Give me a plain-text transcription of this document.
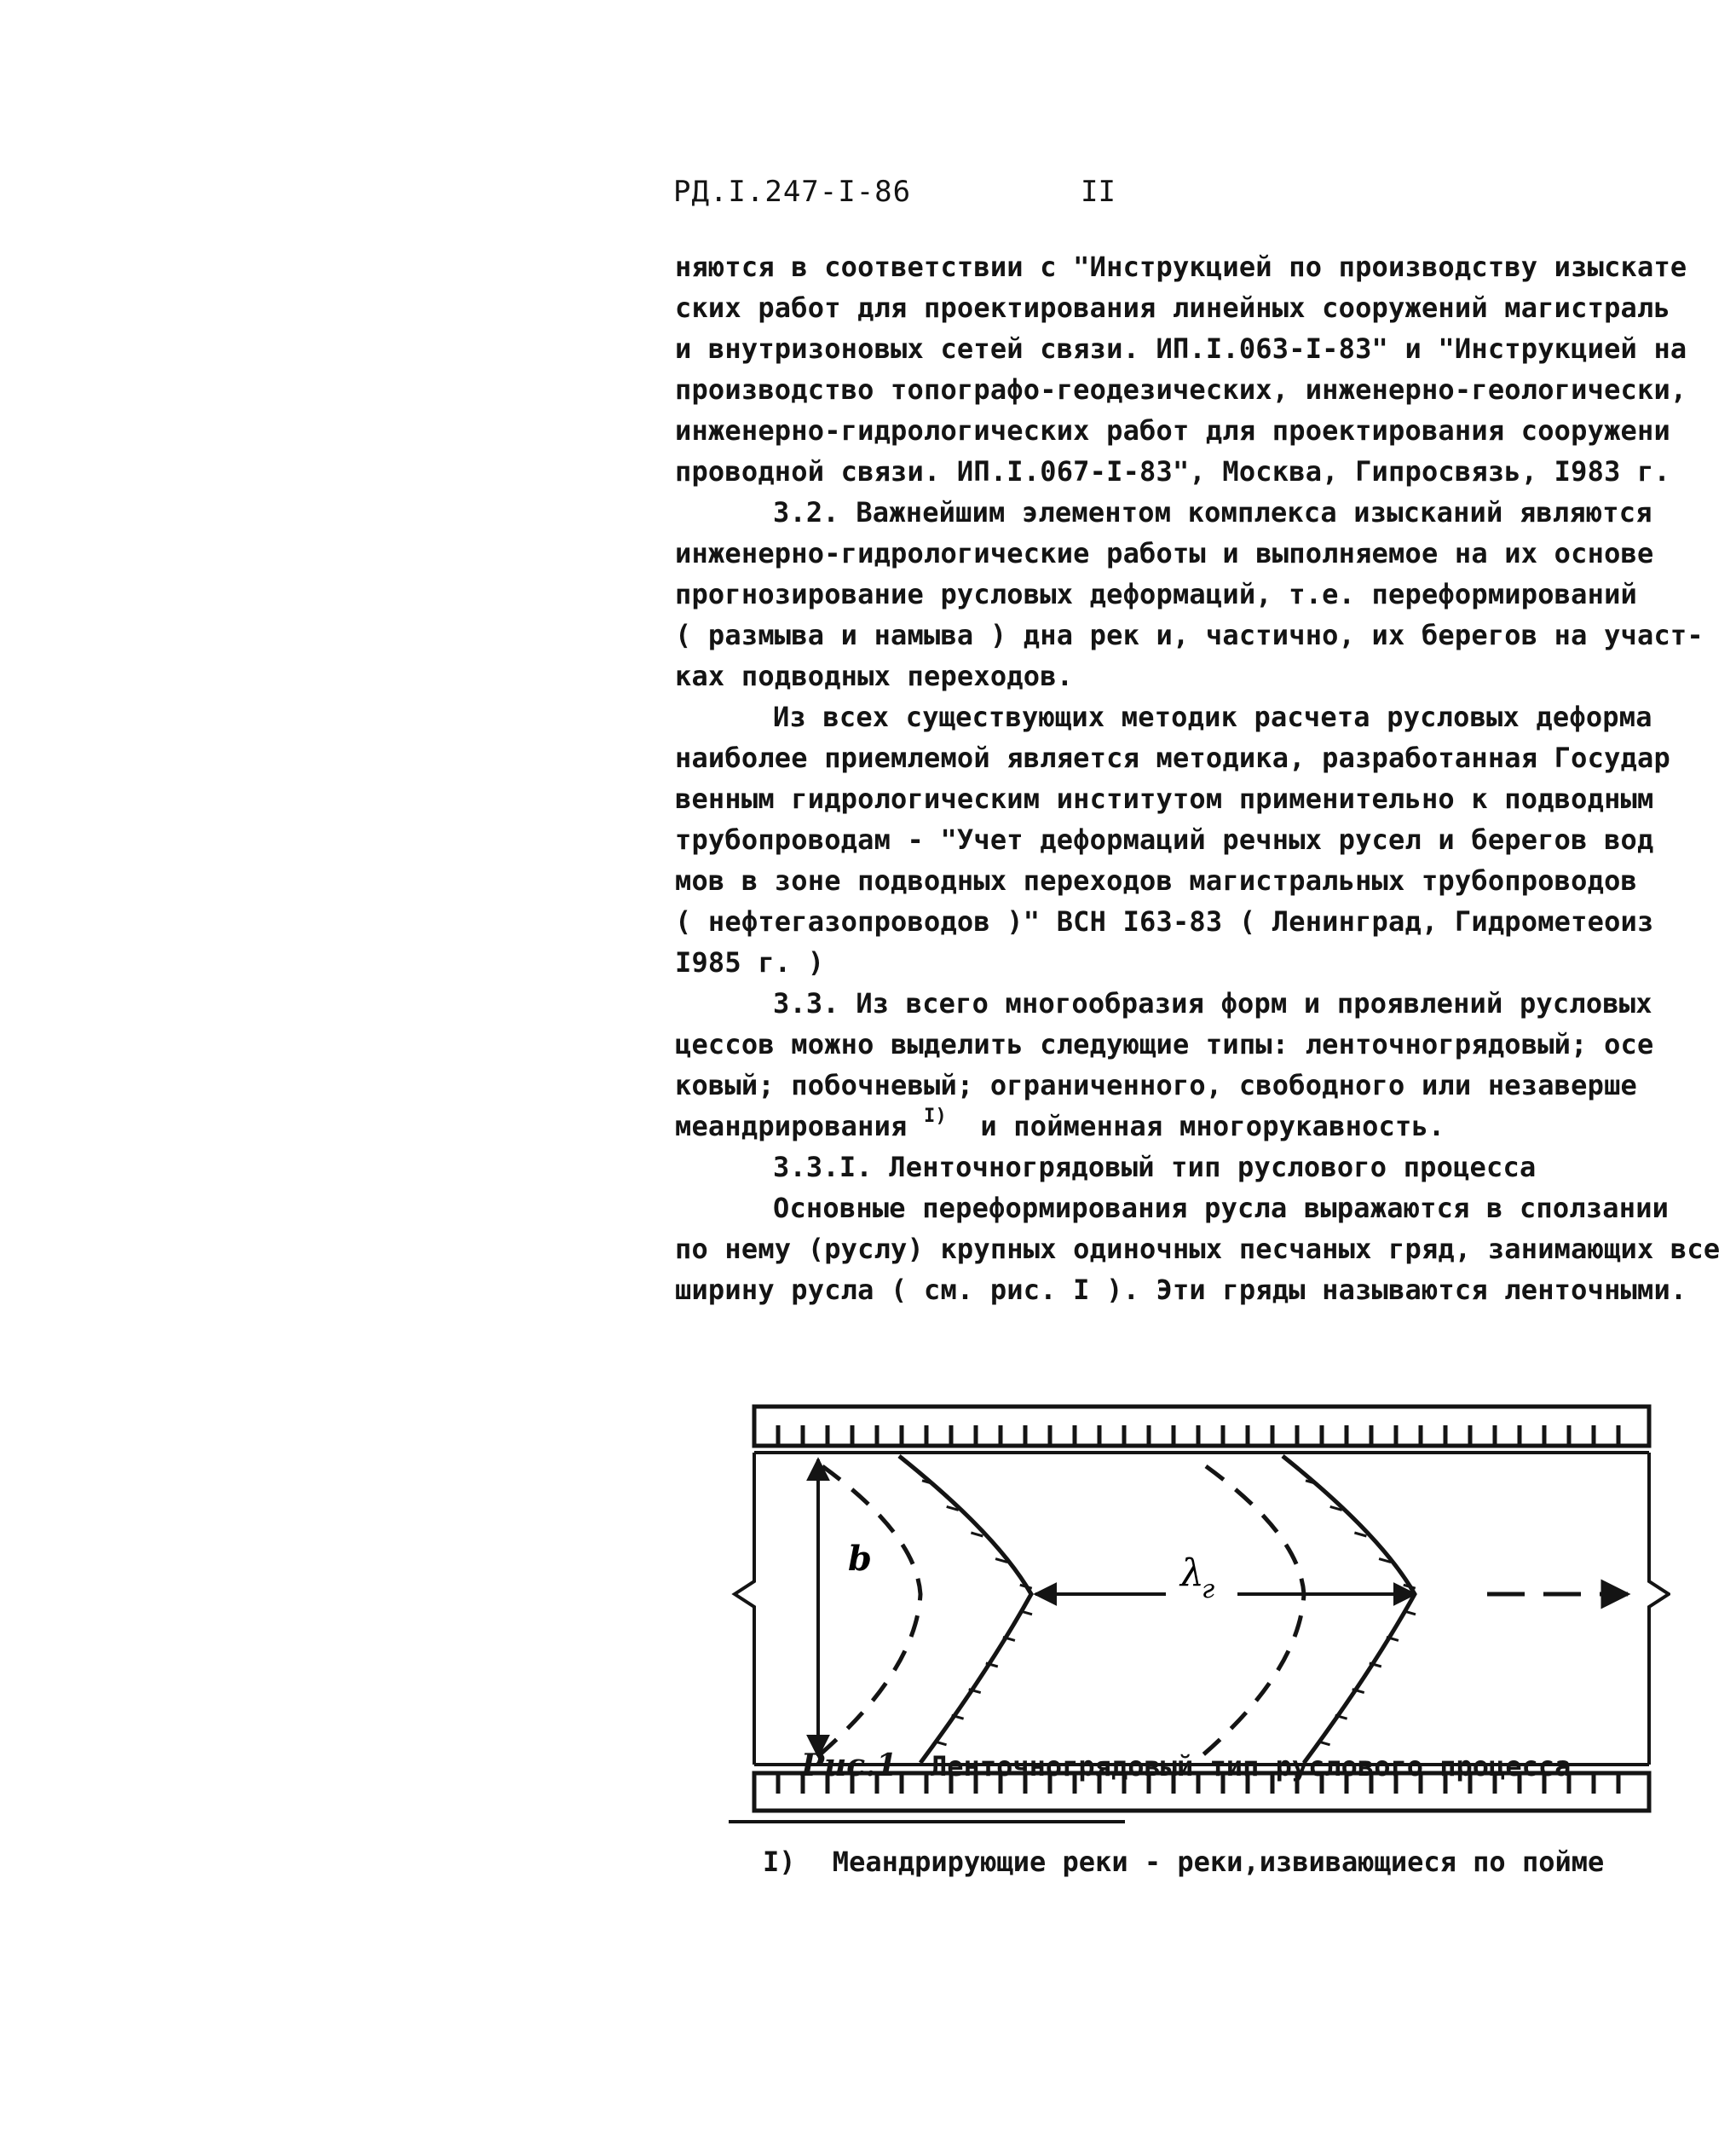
РД.I.247-I-86	II
няются в соответствии с "Инструкцией по производству изыскате
ских работ для проектирования линейных сооружений магистраль
и внутризоновых сетей связи. ИП.I.063-I-83" и "Инструкцией на
производство топографо-геодезических, инженерно-геологически,
инженерно-гидрологических работ для проектирования сооружени
проводной связи. ИП.I.067-I-83", Москва, Гипросвязь, I983 г.
3.2. Важнейшим элементом комплекса изысканий являются
инженерно-гидрологические работы и выполняемое на их основе
прогнозирование русловых деформаций, т.е. переформирований
( размыва и намыва ) дна рек и, частично, их берегов на участ-
ках подводных переходов.
Из всех существующих методик расчета русловых деформа
наиболее приемлемой является методика, разработанная Государ
венным гидрологическим институтом применительно к подводным
трубопроводам - "Учет деформаций речных русел и берегов вод
мов в зоне подводных переходов магистральных трубопроводов
( нефтегазопроводов )" ВСН I63-83 ( Ленинград, Гидрометеоиз
I985 г. )
3.3. Из всего многообразия форм и проявлений русловых
цессов можно выделить следующие типы: ленточногрядовый; осе
ковый; побочневый; ограниченного, свободного или незаверше
меандрирования $^{I)}$ и пойменная многорукавность.
3.3.I. Ленточногрядовый тип руслового процесса
Основные переформирования русла выражаются в сползании
по нему (руслу) крупных одиночных песчаных гряд, занимающих все
ширину русла ( см. рис. I ). Эти гряды называются ленточными.
b	λ
г
Рис.1 Ленточногрядовый тип руслового процесса
I) Меандрирующие реки - реки,извивающиеся по пойме
